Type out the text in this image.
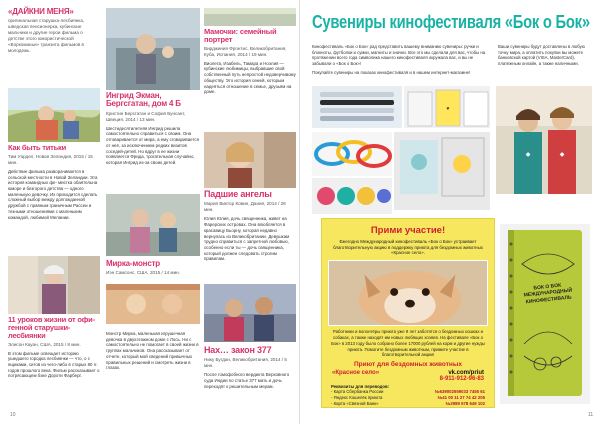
«ДАЙКНИ МЕНЯ»
оригинальная старушка-лесбиянка, шведская пенсионерка, кубинские мальчики и другие герои фильма о детстве этого юмористической «Воркоманьи» транзита фильмов в молодежь.
Как быть титьки
Тим Уардел, Новая Зеландия, 2015 / 15 мин.
Действие фильма разворачивается в сельской местности в Новой Зеландии. Эта история командных фе- мистка обаятельна юморе и безгорого детства — одного маленькую девочку. Их приходится сделать сложный выбор между долгожданной дружбой с правным граничным Рассеи и тезными отношениями с маленьким командой, любимой Мелании.
11 уроков жизни от офи- генной старушки-лесбиянки
Элисон Кауан, США, 2015 / 8 мин.
В этом фильме освещает историю ушедшего городка лесбиянки — что, о с ящиками, ситов из чего-либо в старых 80 гг. годов прошлого века. Фильм рассказывает о потрясающем бэке Дороти Фарберг.
Ингрид Экман, Бергсгатан, дом 4 Б
Кристин Берсгатан и София Бунсант, Швеция, 2014 / 13 мин.
Шестидесятилетняя Ингрид решила самостоятельно справиться с своим. Она отговаривается от мира, а ему сговаривается от неё, за исключением редких визитов соседей-детей. Но вдруг в ее жизни появляется Фрида, трогательная случайно, которая Ингрид из-за своих детей.
Мирка-монстр
Иэн Самсонс, США, 2015 / 14 мин.
Монстр Мирка, маленькая игрушечная девочка в двухэтажном доме с Лось. Ни с самостоятельно не помогает в своей жизни в группах мальчиков. Она рассказывает от отчете, который мой сведений привычных правильных решений и смотреть жизни в глазах.
Мамочки: семейный портрет
Вирджиния Фронтис, Великобритания, Куба, Испания, 2014 / 19 мин.
Виолета, Изабель, Тамара и Ноэлия — кубинские любимицы, выбравшие свой собственный путь непростой недоверчивому обществу. Это история семей, которым надеяться отношение в семье, друзьям на доме.
Падшие ангелы
Мария Виктор Ковин, Дания, 2014 / 28 мин.
Юлия Юлия, дочь священника, живет на Фарерских островах. Она влюбляется в красавицу Бьорну, которая недавно вернулась из Великобритании. Девушкам трудно справиться с запретной любовью, особенно если ты — дочь священника, который должен следовать строгим правилам.
Нах… закон 377
Нику Бугдан, Великобритания, 2014 / 5 мин.
После гомофобного вердикта Верховного суда Индии по статье 377 мать и дочь переходят к решительным мерам.
10
Сувениры кинофестиваля «Бок о Бок»
Кинофестиваль «Бок о Бок» рад представить вашему вниманию сувениры: ручки и блокноты, футболки и сумки, магниты и значки. Все это мы сделали для вас, чтобы на протяжении всего года символика нашего кинофестиваля окружала вас, и вы не забывали о «Бок о Бок»!
Покупайте сувениры на показах кинофестиваля и в нашем интернет-магазине!
Ваши сувениры будут доставлены в любую точку мира, а оплатить покупки вы можете банковской картой (VISA, MasterCard), платежным онлайн, а также наличными.
♥
◆	◆
Прими участие!
Ежегодно Международный кинофестиваль «Бок о Бок» устраивает благотворительную акцию в поддержку приюта для бездомных животных «Красное село».
Работники и волонтёры приюта уже 9 лет заботятся о бездомных кошках и собаках, а также находят им новых любящих хозяев. На фестивале «Бок о Бок» в 2013 году было собрано более 17000 рублей на корм и другие нужды приюта. Помогите бездомным животным, примите участие в благотворительной акции!
Приют для бездомных животных
«Красное село»	vk.com/priut
8-911-912-96-83
Реквизиты для переводов:
- Карта Сбербанка России	№639002559033 7455 61
- Яндекс Кошелёк приюта	№41 00 11 27 74 42 205
- Карта «Связной Банк»	№2989 578 649 102
БОК О БОК МЕЖДУНАРОДНЫЙ КИНОФЕСТИВАЛЬ
11
